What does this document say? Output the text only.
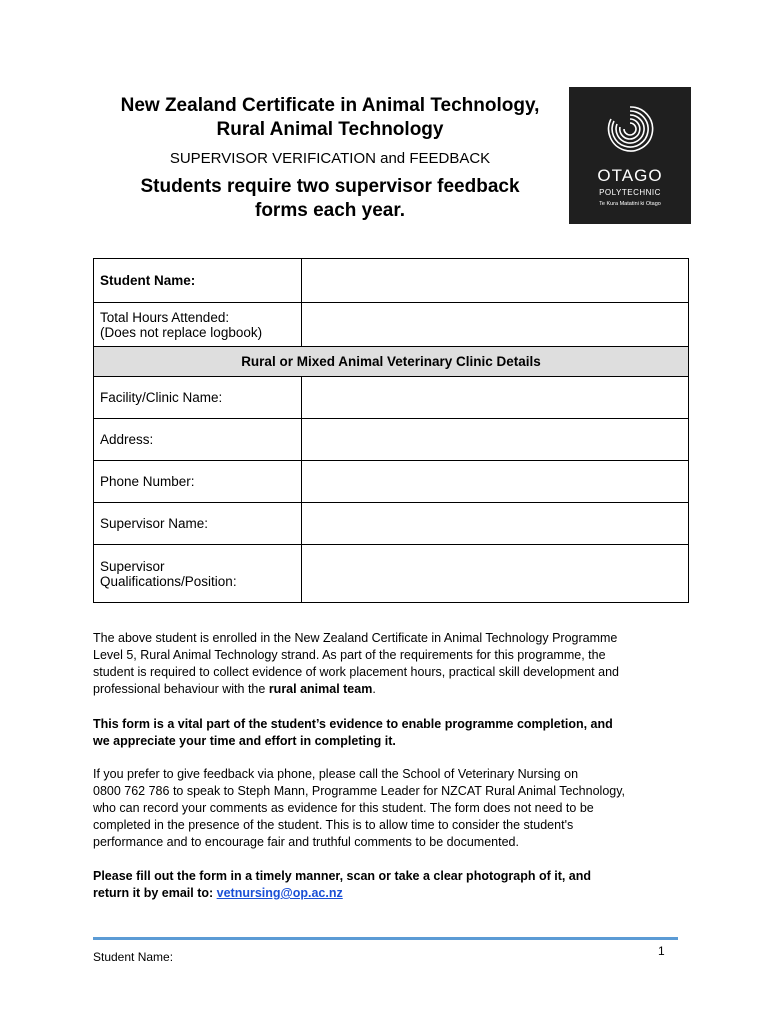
New Zealand Certificate in Animal Technology,
Rural Animal Technology
SUPERVISOR VERIFICATION and FEEDBACK
Students require two supervisor feedback
forms each year.
OTAGO
POLYTECHNIC
Te Kura Matatini ki Otago
Student Name:	

Total Hours Attended:
(Does not replace logbook)	

Rural or Mixed Animal Veterinary Clinic Details	
Facility/Clinic Name:	
Address:	
Phone Number:	
Supervisor Name:	

Supervisor
Qualifications/Position:	

The above student is enrolled in the New Zealand Certificate in Animal Technology Programme

Level 5, Rural Animal Technology strand. As part of the requirements for this programme, the

student is required to collect evidence of work placement hours, practical skill development and

professional behaviour with the rural animal team.

This form is a vital part of the student’s evidence to enable programme completion, and

we appreciate your time and effort in completing it.

If you prefer to give feedback via phone, please call the School of Veterinary Nursing on

0800 762 786 to speak to Steph Mann, Programme Leader for NZCAT Rural Animal Technology,

who can record your comments as evidence for this student. The form does not need to be

completed in the presence of the student. This is to allow time to consider the student's

performance and to encourage fair and truthful comments to be documented.

Please fill out the form in a timely manner, scan or take a clear photograph of it, and

return it by email to: vetnursing@op.ac.nz

1
Student Name:
